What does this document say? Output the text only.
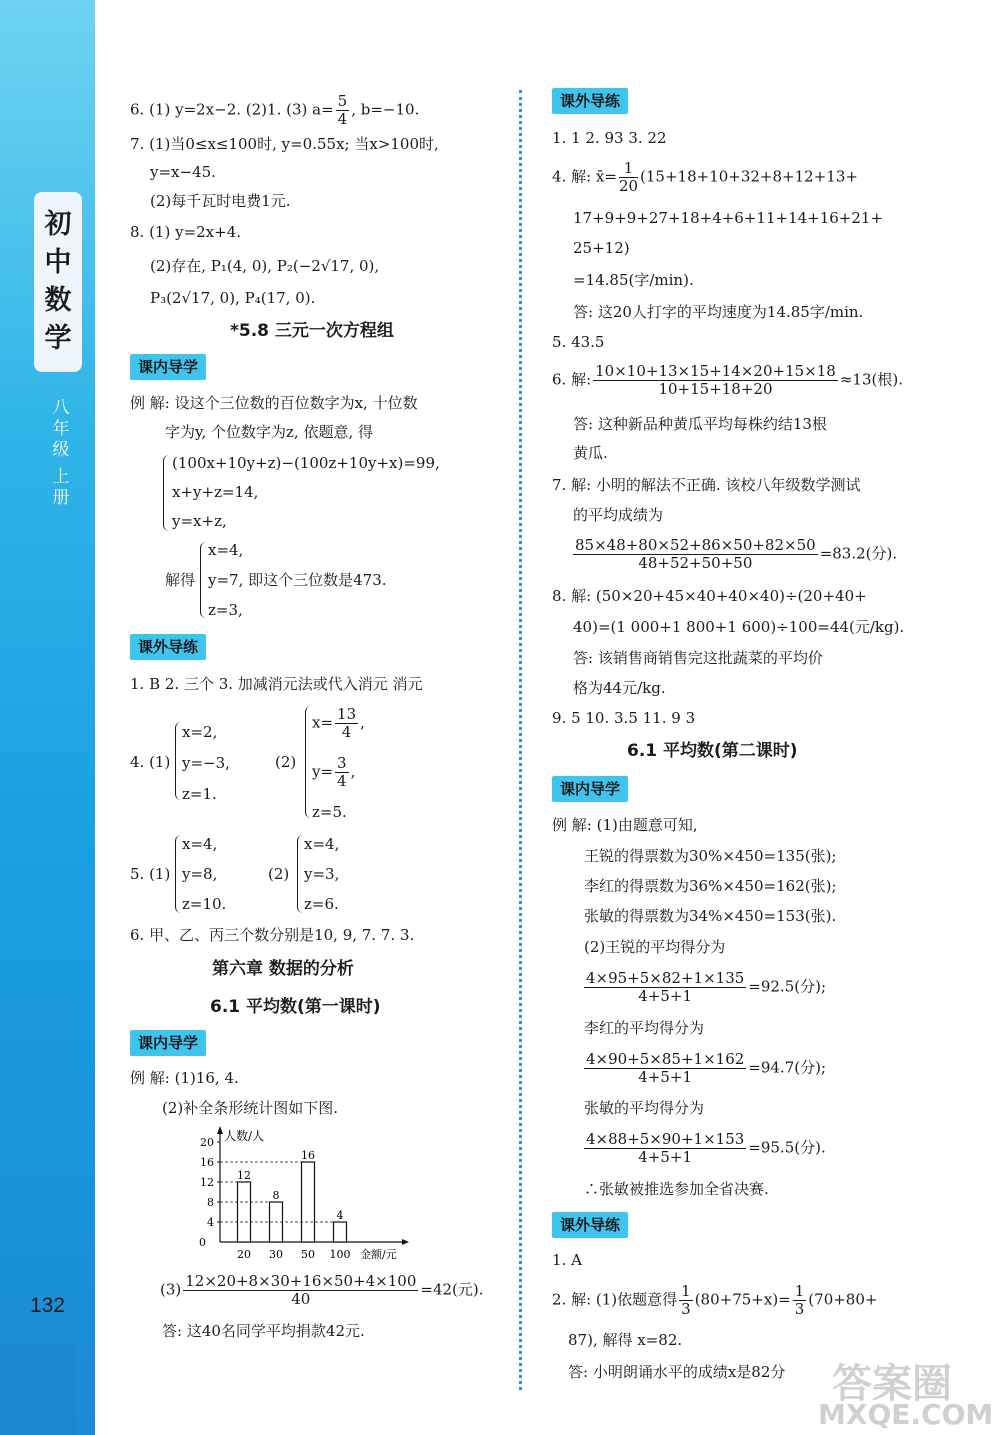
初
中
数
学
八
年
级
上
册
132
6. (1) y=2x−2. (2)1. (3) $a= \frac{5}{4}$ , b=−10.
7. (1)当0≤x≤100时, y=0.55x; 当x>100时,
y=x−45.
(2)每千瓦时电费1元.
8. (1) y=2x+4.
(2)存在, P₁(4, 0), P₂(−2√17, 0),
P₃(2√17, 0), P₄(17, 0).
*5.8 三元一次方程组
课内导学
例 解: 设这个三位数的百位数字为x, 十位数
字为y, 个位数字为z, 依题意, 得
(100x+10y+z)−(100z+10y+x)=99,
x+y+z=14,
y=x+z,
解得
x=4,
y=7, 即这个三位数是473.
z=3,
课外导练
1. B 2. 三个 3. 加减消元法或代入消元 消元
4. (1)
x=2,
y=−3,
z=1.
(2)
$x= \frac{13}{4}$ ,
$y= \frac{3}{4}$ ,
z=5.
5. (1)
x=4,
y=8,
z=10.
(2)
x=4,
y=3,
z=6.
6. 甲、乙、丙三个数分别是10, 9, 7. 7. 3.
第六章 数据的分析
6.1 平均数(第一课时)
课内导学
例 解: (1)16, 4.
(2)补全条形统计图如下图.
4
8
12
16
20
0
人数/人
金额/元
12
20
8
30
16
50
4
100
$(3) \frac{12\times 20+8\times 30+16\times 50+4\times 100}{40} =42$(元).
答: 这40名同学平均捐款42元.
课外导练
1. 1 2. 93 3. 22
4. 解: x̄= $\frac{1}{20} (15+18+10+32+8+12+13+$
17+9+9+27+18+4+6+11+14+16+21+
25+12)
=14.85(字/min).
答: 这20人打字的平均速度为14.85字/min.
5. 43.5
6. 解: $\frac{10\times 10+13\times 15+14\times 20+15\times 18}{10+15+18+20} \approx 13$(根).
答: 这种新品种黄瓜平均每株约结13根
黄瓜.
7. 解: 小明的解法不正确. 该校八年级数学测试
的平均成绩为
$\frac{85\times 48+80\times 52+86\times 50+82\times 50}{48+52+50+50} =83.2$(分).
8. 解: (50×20+45×40+40×40)÷(20+40+
40)=(1 000+1 800+1 600)÷100=44(元/kg).
答: 该销售商销售完这批蔬菜的平均价
格为44元/kg.
9. 5 10. 3.5 11. 9 3
6.1 平均数(第二课时)
课内导学
例 解: (1)由题意可知,
王锐的得票数为30%×450=135(张);
李红的得票数为36%×450=162(张);
张敏的得票数为34%×450=153(张).
(2)王锐的平均得分为
$\frac{4\times 95+5\times 82+1\times 135}{4+5+1} =92.5$(分);
李红的平均得分为
$\frac{4\times 90+5\times 85+1\times 162}{4+5+1} =94.7$(分);
张敏的平均得分为
$\frac{4\times 88+5\times 90+1\times 153}{4+5+1} =95.5$(分).
∴张敏被推选参加全省决赛.
课外导练
1. A
2. 解: (1)依题意得 $\frac{1}{3} (80+75+x)= \frac{1}{3} (70+80+$
87), 解得 x=82.
答: 小明朗诵水平的成绩x是82分 答案圈
MXQE.COM
